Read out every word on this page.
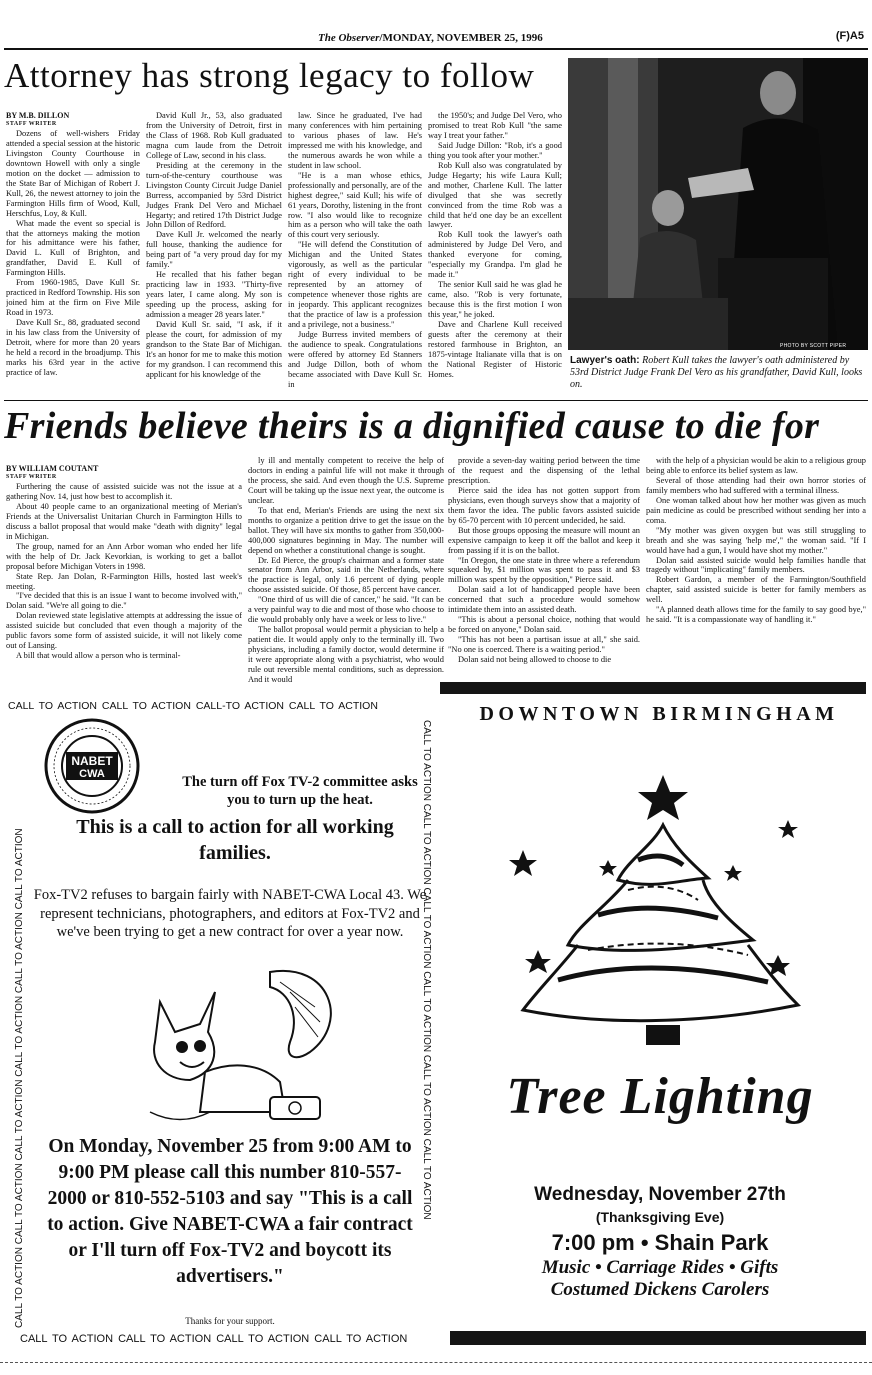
The Observer/MONDAY, NOVEMBER 25, 1996	(F)A5
Attorney has strong legacy to follow
BY M.B. DILLON
STAFF WRITER

Dozens of well-wishers Friday attended a special session at the historic Livingston County Courthouse in downtown Howell with only a single motion on the docket — admission to the State Bar of Michigan of Robert J. Kull, 26, the newest attorney to join the Farmington Hills firm of Wood, Kull, Herschfus, Loy, & Kull.

What made the event so special is that the attorneys making the motion for his admittance were his father, David L. Kull of Brighton, and grandfather, David E. Kull of Farmington Hills.

From 1960-1985, Dave Kull Sr. practiced in Redford Township. His son joined him at the firm on Five Mile Road in 1973.

Dave Kull Sr., 88, graduated second in his law class from the University of Detroit, where for more than 20 years he held a record in the broadjump. This marks his 63rd year in the active practice of law.

David Kull Jr., 53, also graduated from the University of Detroit, first in the Class of 1968. Rob Kull graduated magna cum laude from the Detroit College of Law, second in his class.

Presiding at the ceremony in the turn-of-the-century courthouse was Livingston County Circuit Judge Daniel Burress, accompanied by 53rd District Judges Frank Del Vero and Michael Hegarty; and retired 17th District Judge John Dillon of Redford.

Dave Kull Jr. welcomed the nearly full house, thanking the audience for being part of "a very proud day for my family."

He recalled that his father began practicing law in 1933. "Thirty-five years later, I came along. My son is speeding up the process, asking for admission a meager 28 years later."

David Kull Sr. said, "I ask, if it please the court, for admission of my grandson to the State Bar of Michigan. It's an honor for me to make this motion for my grandson. I can recommend this applicant for his knowledge of the

law. Since he graduated, I've had many conferences with him pertaining to various phases of law. He's impressed me with his knowledge, and the numerous awards he won while a student in law school.

"He is a man whose ethics, professionally and personally, are of the highest degree," said Kull; his wife of 61 years, Dorothy, listening in the front row. "I also would like to recognize him as a person who will take the oath of this court very seriously.

"He will defend the Constitution of Michigan and the United States vigorously, as well as the particular right of every individual to be represented by an attorney of competence whenever those rights are in jeopardy. This applicant recognizes that the practice of law is a profession and a privilege, not a business."

Judge Burress invited members of the audience to speak. Congratulations were offered by attorney Ed Stanners and Judge Dillon, both of whom became associated with Dave Kull Sr. in

the 1950's; and Judge Del Vero, who promised to treat Rob Kull "the same way I treat your father."

Said Judge Dillon: "Rob, it's a good thing you took after your mother."

Rob Kull also was congratulated by Judge Hegarty; his wife Laura Kull; and mother, Charlene Kull. The latter divulged that she was secretly convinced from the time Rob was a child that he'd one day be an excellent lawyer.

Rob Kull took the lawyer's oath administered by Judge Del Vero, and thanked everyone for coming, "especially my Grandpa. I'm glad he made it."

The senior Kull said he was glad he came, also. "Rob is very fortunate, because this is the first motion I won this year," he joked.

Dave and Charlene Kull received guests after the ceremony at their restored farmhouse in Brighton, an 1875-vintage Italianate villa that is on the National Register of Historic Homes.

PHOTO BY SCOTT PIPER
Lawyer's oath: Robert Kull takes the lawyer's oath administered by 53rd District Judge Frank Del Vero as his grandfather, David Kull, looks on.
Friends believe theirs is a dignified cause to die for
BY WILLIAM COUTANT
STAFF WRITER

Furthering the cause of assisted suicide was not the issue at a gathering Nov. 14, just how best to accomplish it.

About 40 people came to an organizational meeting of Merian's Friends at the Universalist Unitarian Church in Farmington Hills to discuss a ballot proposal that would make "death with dignity" legal in Michigan.

The group, named for an Ann Arbor woman who ended her life with the help of Dr. Jack Kevorkian, is working to get a ballot proposal before Michigan Voters in 1998.

State Rep. Jan Dolan, R-Farmington Hills, hosted last week's meeting.

"I've decided that this is an issue I want to become involved with," Dolan said. "We're all going to die."

Dolan reviewed state legislative attempts at addressing the issue of assisted suicide but concluded that even though a majority of the public favors some form of assisted suicide, it will not likely come out of Lansing.

A bill that would allow a person who is terminal-

ly ill and mentally competent to receive the help of doctors in ending a painful life will not make it through the process, she said. And even though the U.S. Supreme Court will be taking up the issue next year, the outcome is unclear.

To that end, Merian's Friends are using the next six months to organize a petition drive to get the issue on the ballot. They will have six months to gather from 350,000-400,000 signatures beginning in May. The number will depend on whether a constitutional change is sought.

Dr. Ed Pierce, the group's chairman and a former state senator from Ann Arbor, said in the Netherlands, where the practice is legal, only 1.6 percent of dying people choose assisted suicide. Of those, 85 percent have cancer.

"One third of us will die of cancer," he said. "It can be a very painful way to die and most of those who choose to die would probably only have a week or less to live."

The ballot proposal would permit a physician to help a patient die. It would apply only to the terminally ill. Two physicians, including a family doctor, would determine if it were appropriate along with a psychiatrist, who would rule out reversible mental conditions, such as depression. And it would

provide a seven-day waiting period between the time of the request and the dispensing of the lethal prescription.

Pierce said the idea has not gotten support from physicians, even though surveys show that a majority of them favor the idea. The public favors assisted suicide by 65-70 percent with 10 percent undecided, he said.

But those groups opposing the measure will mount an expensive campaign to keep it off the ballot and keep it from passing if it is on the ballot.

"In Oregon, the one state in three where a referendum squeaked by, $1 million was spent to pass it and $3 million was spent by the opposition," Pierce said.

Dolan said a lot of handicapped people have been concerned that such a procedure would somehow intimidate them into an assisted death.

"This is about a personal choice, nothing that would be forced on anyone," Dolan said.

"This has not been a partisan issue at all," she said. "No one is coerced. There is a waiting period."

Dolan said not being allowed to choose to die

with the help of a physician would be akin to a religious group being able to enforce its belief system as law.

Several of those attending had their own horror stories of family members who had suffered with a terminal illness.

One woman talked about how her mother was given as much pain medicine as could be prescribed without sending her into a coma.

"My mother was given oxygen but was still struggling to breath and she was saying 'help me'," the woman said. "If I would have had a gun, I would have shot my mother."

Dolan said assisted suicide would help families handle that tragedy without "implicating" family members.

Robert Gardon, a member of the Farmington/Southfield chapter, said assisted suicide is better for family members as well.

"A planned death allows time for the family to say good bye," he said. "It is a compassionate way of handling it."

CALL TO ACTION CALL TO ACTION CALL-TO ACTION CALL TO ACTION
CALL TO ACTION CALL TO ACTION CALL TO ACTION CALL TO ACTION
CALL TO ACTION CALL TO ACTION CALL TO ACTION CALL TO ACTION CALL TO ACTION CALL TO ACTION	CALL TO ACTION CALL TO ACTION CALL TO ACTION CALL TO ACTION CALL TO ACTION CALL TO ACTION
NABET
CWA	The turn off Fox TV-2 committee asks you to turn up the heat.
This is a call to action for all working families.
Fox-TV2 refuses to bargain fairly with NABET-CWA Local 43. We represent technicians, photographers, and editors at Fox-TV2 and we've been trying to get a new contract for over a year now.
On Monday, November 25 from 9:00 AM to 9:00 PM please call this number 810-557-2000 or 810-552-5103 and say "This is a call to action. Give NABET-CWA a fair contract or I'll turn off Fox-TV2 and boycott its advertisers."
Thanks for your support.
DOWNTOWN BIRMINGHAM
Tree Lighting
Wednesday, November 27th
(Thanksgiving Eve)
7:00 pm • Shain Park
Music • Carriage Rides • Gifts
Costumed Dickens Carolers
